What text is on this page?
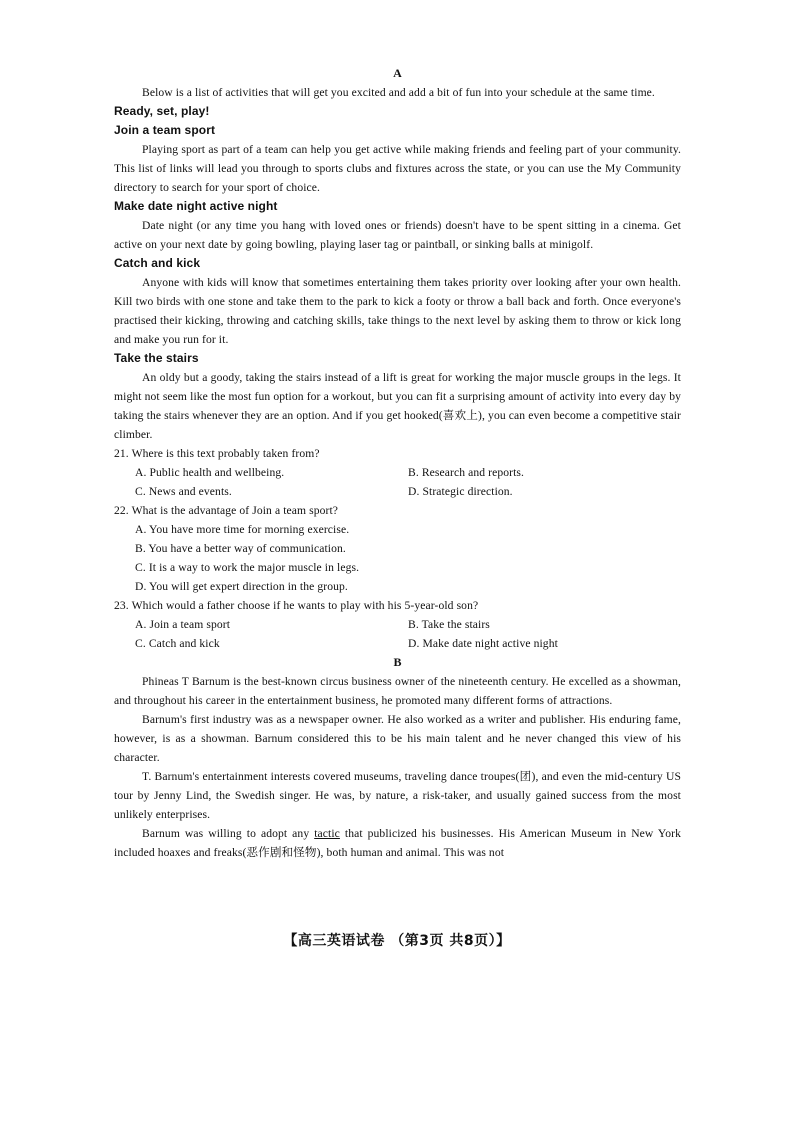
A

Below is a list of activities that will get you excited and add a bit of fun into your schedule at the same time.

Ready, set, play!
Join a team sport

Playing sport as part of a team can help you get active while making friends and feeling part of your community. This list of links will lead you through to sports clubs and fixtures across the state, or you can use the My Community directory to search for your sport of choice.

Make date night active night

Date night (or any time you hang with loved ones or friends) doesn't have to be spent sitting in a cinema. Get active on your next date by going bowling, playing laser tag or paintball, or sinking balls at minigolf.

Catch and kick

Anyone with kids will know that sometimes entertaining them takes priority over looking after your own health. Kill two birds with one stone and take them to the park to kick a footy or throw a ball back and forth. Once everyone's practised their kicking, throwing and catching skills, take things to the next level by asking them to throw or kick long and make you run for it.

Take the stairs

An oldy but a goody, taking the stairs instead of a lift is great for working the major muscle groups in the legs. It might not seem like the most fun option for a workout, but you can fit a surprising amount of activity into every day by taking the stairs whenever they are an option. And if you get hooked(喜欢上), you can even become a competitive stair climber.

21. Where is this text probably taken from?
A. Public health and wellbeing.	B. Research and reports.
C. News and events.	D. Strategic direction.
22. What is the advantage of Join a team sport?
A. You have more time for morning exercise.
B. You have a better way of communication.
C. It is a way to work the major muscle in legs.
D. You will get expert direction in the group.
23. Which would a father choose if he wants to play with his 5-year-old son?
A. Join a team sport	B. Take the stairs
C. Catch and kick	D. Make date night active night
B

Phineas T Barnum is the best-known circus business owner of the nineteenth century. He excelled as a showman, and throughout his career in the entertainment business, he promoted many different forms of attractions.

Barnum's first industry was as a newspaper owner. He also worked as a writer and publisher. His enduring fame, however, is as a showman. Barnum considered this to be his main talent and he never changed this view of his character.

T. Barnum's entertainment interests covered museums, traveling dance troupes(团), and even the mid-century US tour by Jenny Lind, the Swedish singer. He was, by nature, a risk-taker, and usually gained success from the most unlikely enterprises.

Barnum was willing to adopt any tactic that publicized his businesses. His American Museum in New York included hoaxes and freaks(恶作剧和怪物), both human and animal. This was not

【高三英语试卷 （第3页 共8页）】
